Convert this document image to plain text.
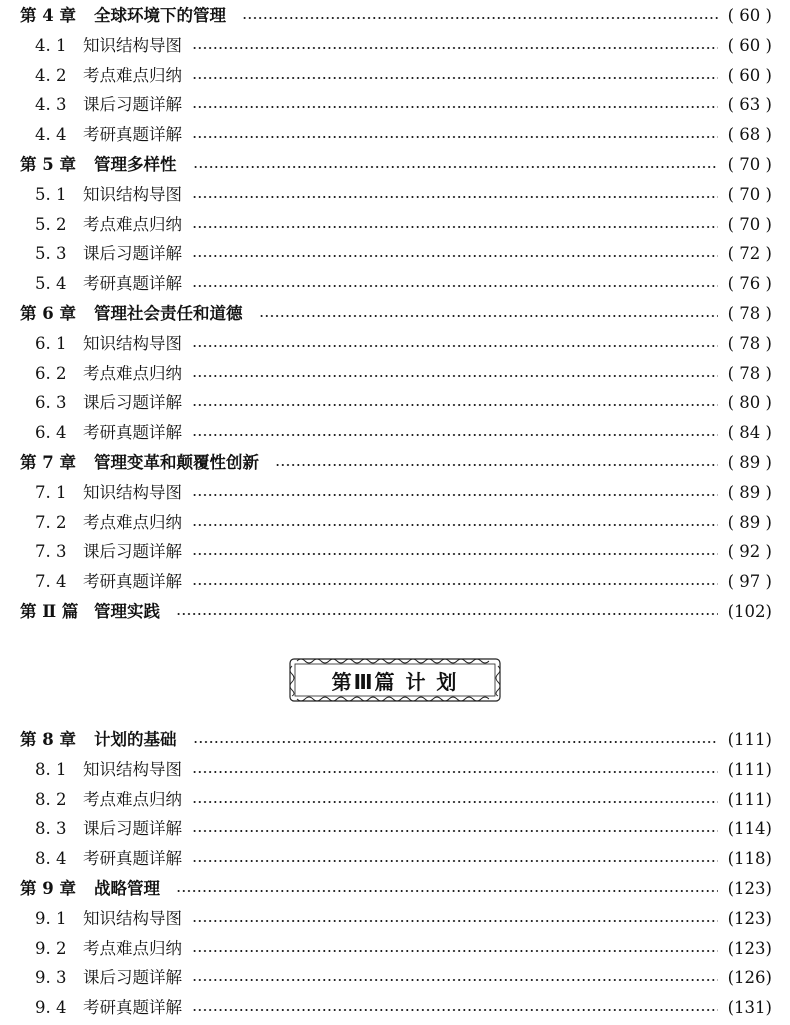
第 4 章	全球环境下的管理	( 60 )
4. 1	知识结构导图	( 60 )
4. 2	考点难点归纳	( 60 )
4. 3	课后习题详解	( 63 )
4. 4	考研真题详解	( 68 )
第 5 章	管理多样性	( 70 )
5. 1	知识结构导图	( 70 )
5. 2	考点难点归纳	( 70 )
5. 3	课后习题详解	( 72 )
5. 4	考研真题详解	( 76 )
第 6 章	管理社会责任和道德	( 78 )
6. 1	知识结构导图	( 78 )
6. 2	考点难点归纳	( 78 )
6. 3	课后习题详解	( 80 )
6. 4	考研真题详解	( 84 )
第 7 章	管理变革和颠覆性创新	( 89 )
7. 1	知识结构导图	( 89 )
7. 2	考点难点归纳	( 89 )
7. 3	课后习题详解	( 92 )
7. 4	考研真题详解	( 97 )
第 Ⅱ 篇 管理实践	(102)
第 8 章	计划的基础	(111)
8. 1	知识结构导图	(111)
8. 2	考点难点归纳	(111)
8. 3	课后习题详解	(114)
8. 4	考研真题详解	(118)
第 9 章	战略管理	(123)
9. 1	知识结构导图	(123)
9. 2	考点难点归纳	(123)
9. 3	课后习题详解	(126)
9. 4	考研真题详解	(131)
第Ⅲ篇 计 划
